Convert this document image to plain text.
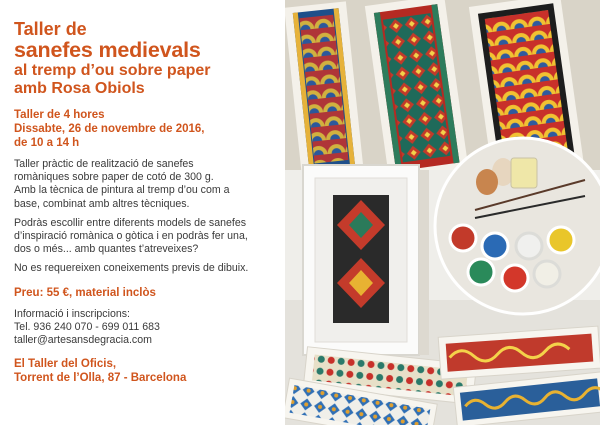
Taller de
sanefes medievals
al tremp d’ou sobre paper
amb Rosa Obiols
Taller de 4 hores
Dissabte, 26 de novembre de 2016,
de 10 a 14 h
Taller pràctic de realització de sanefes
romàniques sobre paper de cotó de 300 g.
Amb la tècnica de pintura al tremp d’ou com a
base, combinat amb altres tècniques.
Podràs escollir entre diferents models de sanefes
d’inspiració romànica o gòtica i en podràs fer una,
dos o més... amb quantes t’atreveixes?
No es requereixen coneixements previs de dibuix.
Preu: 55 €, material inclòs
Informació i inscripcions:
Tel. 936 240 070 - 699 011 683
taller@artesansdegracia.com
El Taller del Oficis,
Torrent de l’Olla, 87 - Barcelona
